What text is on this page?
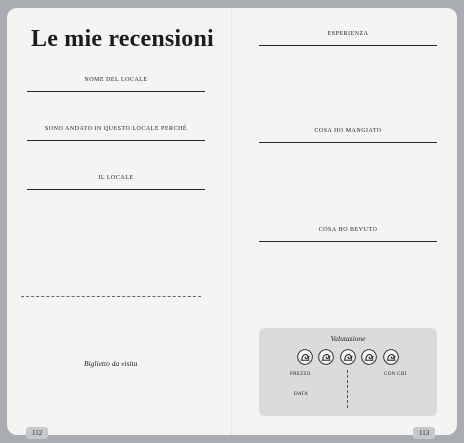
Le mie recensioni
NOME DEL LOCALE
SONO ANDATO IN QUESTO LOCALE PERCHÉ
IL LOCALE
Biglietto da visita
ESPERIENZA
COSA HO MANGIATO
COSA HO BEVUTO
Valutazione
PREZZO
DATA
CON CHI
112	113
